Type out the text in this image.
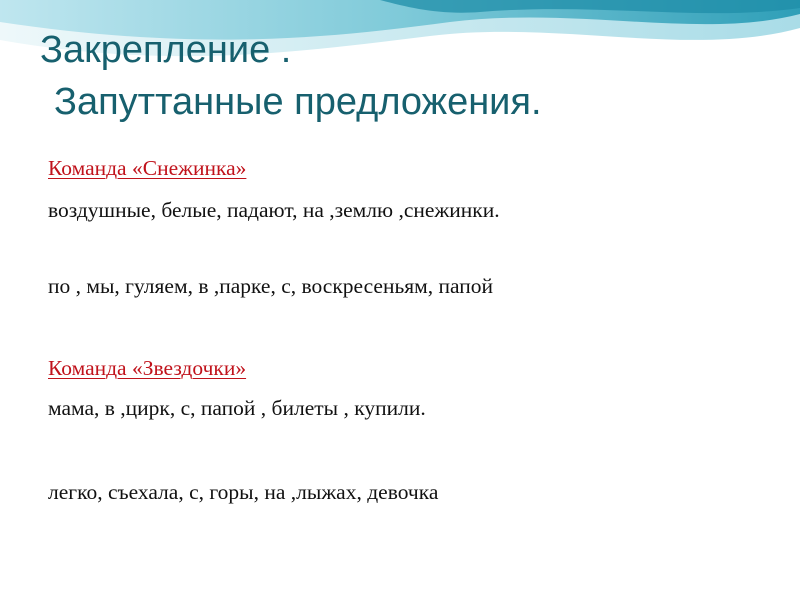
Закрепление .
Запуттанные предложения.
Команда «Снежинка»
воздушные, белые, падают, на ,землю ,снежинки.
по , мы, гуляем, в ,парке, с, воскресеньям, папой
Команда «Звездочки»
мама, в ,цирк, с, папой , билеты , купили.
легко, съехала, с, горы, на ,лыжах, девочка
